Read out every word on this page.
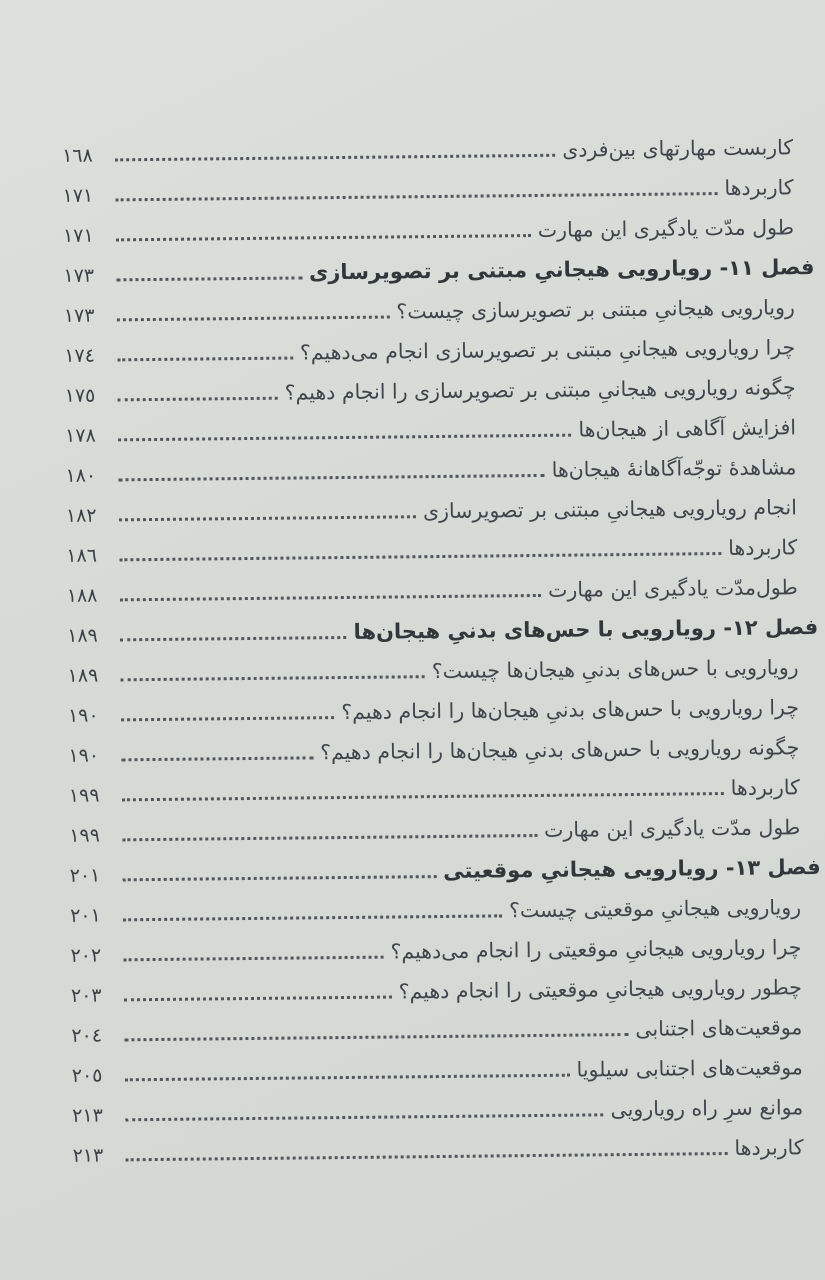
کاربست مهارتهای بین‌فردی
١٦٨
کاربردها
١٧١
طول مدّت یادگیری این مهارت
١٧١
فصل ۱۱- رویارویی هیجانیِ مبتنی بر تصویرسازی
١٧٣
رویارویی هیجانیِ مبتنی بر تصویرسازی چیست؟
١٧٣
چرا رویارویی هیجانیِ مبتنی بر تصویرسازی انجام می‌دهیم؟
١٧٤
چگونه رویارویی هیجانیِ مبتنی بر تصویرسازی را انجام دهیم؟
١٧٥
افزایش آگاهی از هیجان‌ها
١٧٨
مشاهدهٔ توجّه‌آگاهانهٔ هیجان‌ها
١٨٠
انجام رویارویی هیجانیِ مبتنی بر تصویرسازی
١٨٢
کاربردها
١٨٦
طول‌مدّت یادگیری این مهارت
١٨٨
فصل ۱۲- رویارویی با حس‌های بدنیِ هیجان‌ها
١٨٩
رویارویی با حس‌های بدنیِ هیجان‌ها چیست؟
١٨٩
چرا رویارویی با حس‌های بدنیِ هیجان‌ها را انجام دهیم؟
١٩٠
چگونه رویارویی با حس‌های بدنیِ هیجان‌ها را انجام دهیم؟
١٩٠
کاربردها
١٩٩
طول مدّت یادگیری این مهارت
١٩٩
فصل ۱۳- رویارویی هیجانیِ موقعیتی
٢٠١
رویارویی هیجانیِ موقعیتی چیست؟
٢٠١
چرا رویارویی هیجانیِ موقعیتی را انجام می‌دهیم؟
٢٠٢
چطور رویارویی هیجانیِ موقعیتی را انجام دهیم؟
٢٠٣
موقعیت‌های اجتنابی
٢٠٤
موقعیت‌های اجتنابی سیلویا
٢٠٥
موانع سرِ راه رویارویی
٢١٣
کاربردها
٢١٣
